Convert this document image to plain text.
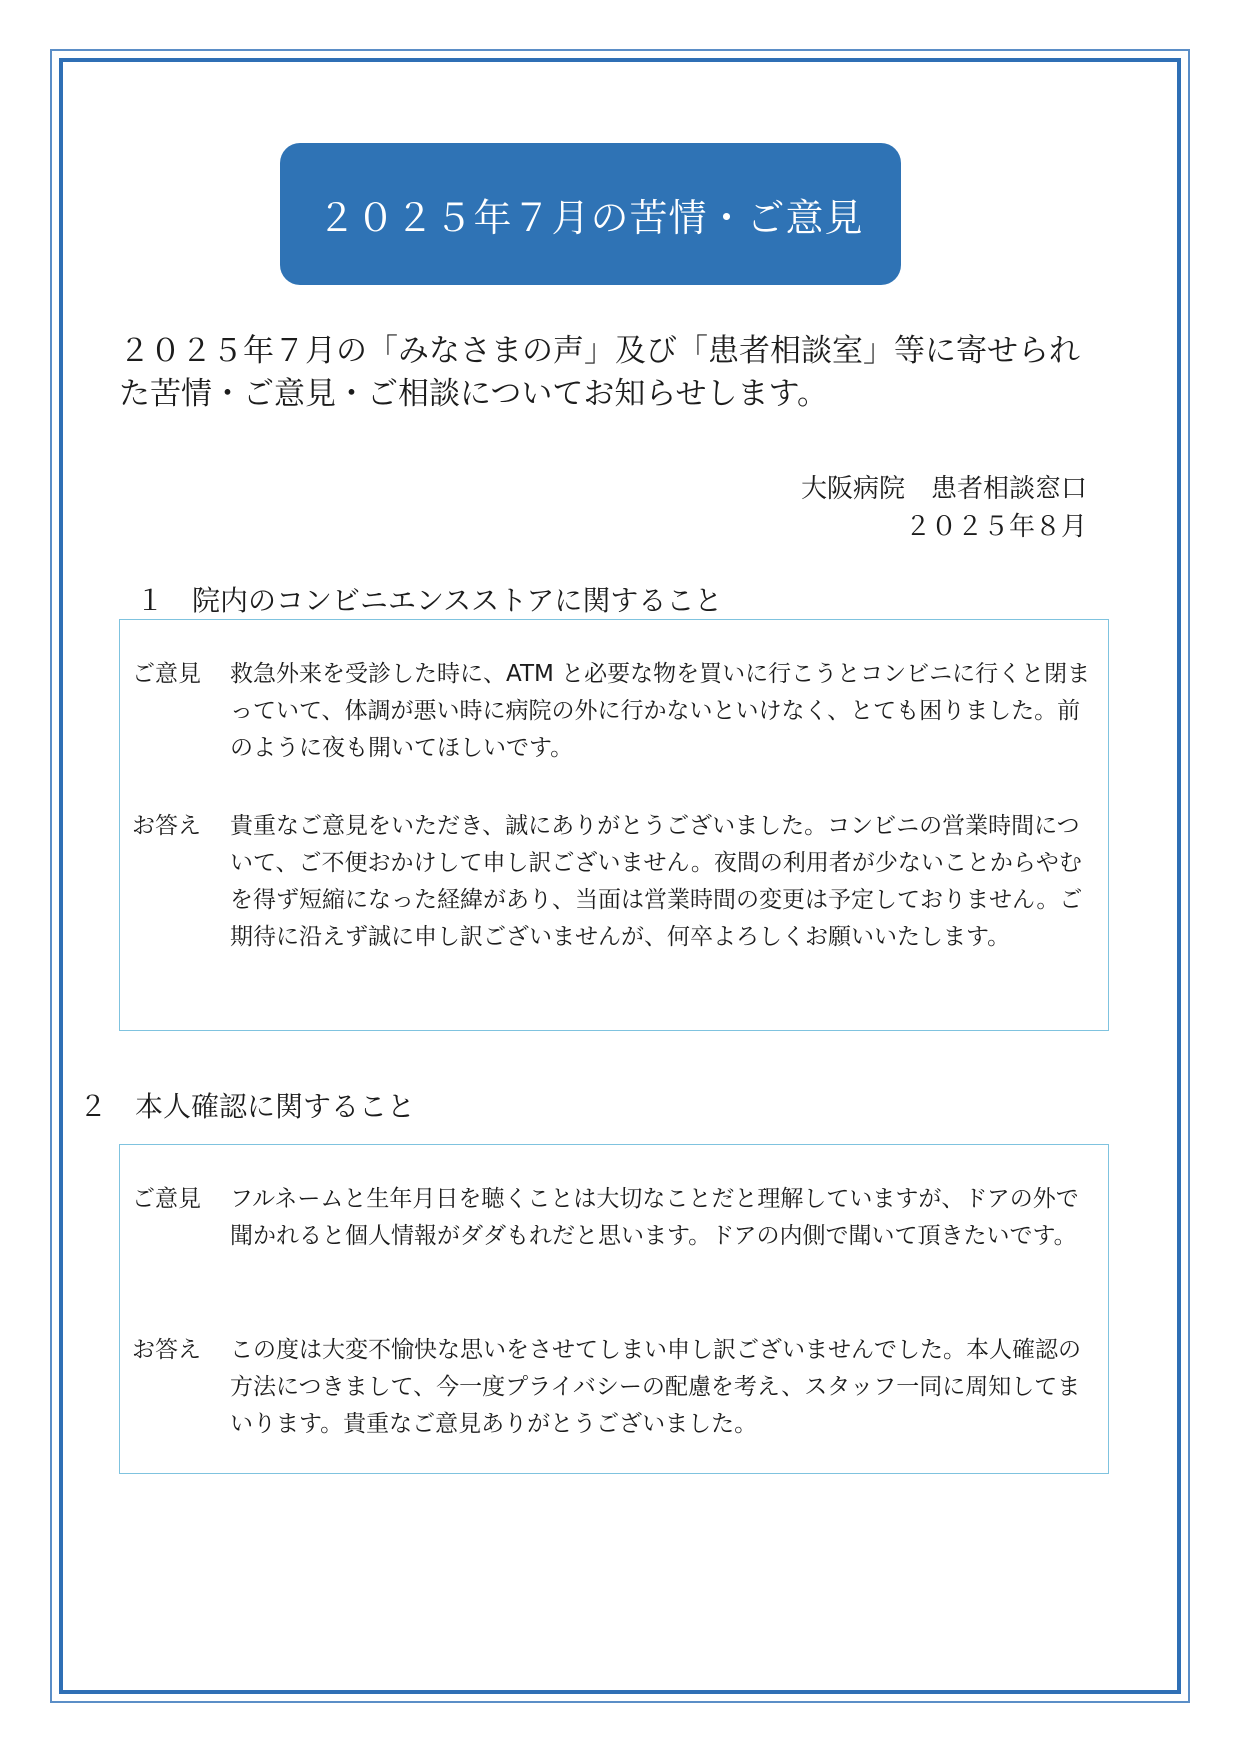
２０２５年７月の苦情・ご意見
２０２５年７月の「みなさまの声」及び「患者相談室」等に寄せられた苦情・ご意見・ご相談についてお知らせします。
大阪病院　患者相談窓口
２０２５年８月
１　院内のコンビニエンスストアに関すること
ご意見	救急外来を受診した時に、ATM と必要な物を買いに行こうとコンビニに行くと閉まっていて、体調が悪い時に病院の外に行かないといけなく、とても困りました。前のように夜も開いてほしいです。
お答え	貴重なご意見をいただき、誠にありがとうございました。コンビニの営業時間について、ご不便おかけして申し訳ございません。夜間の利用者が少ないことからやむを得ず短縮になった経緯があり、当面は営業時間の変更は予定しておりません。ご期待に沿えず誠に申し訳ございませんが、何卒よろしくお願いいたします。
２　本人確認に関すること
ご意見	フルネームと生年月日を聴くことは大切なことだと理解していますが、ドアの外で聞かれると個人情報がダダもれだと思います。ドアの内側で聞いて頂きたいです。
お答え	この度は大変不愉快な思いをさせてしまい申し訳ございませんでした。本人確認の方法につきまして、今一度プライバシーの配慮を考え、スタッフ一同に周知してまいります。貴重なご意見ありがとうございました。
